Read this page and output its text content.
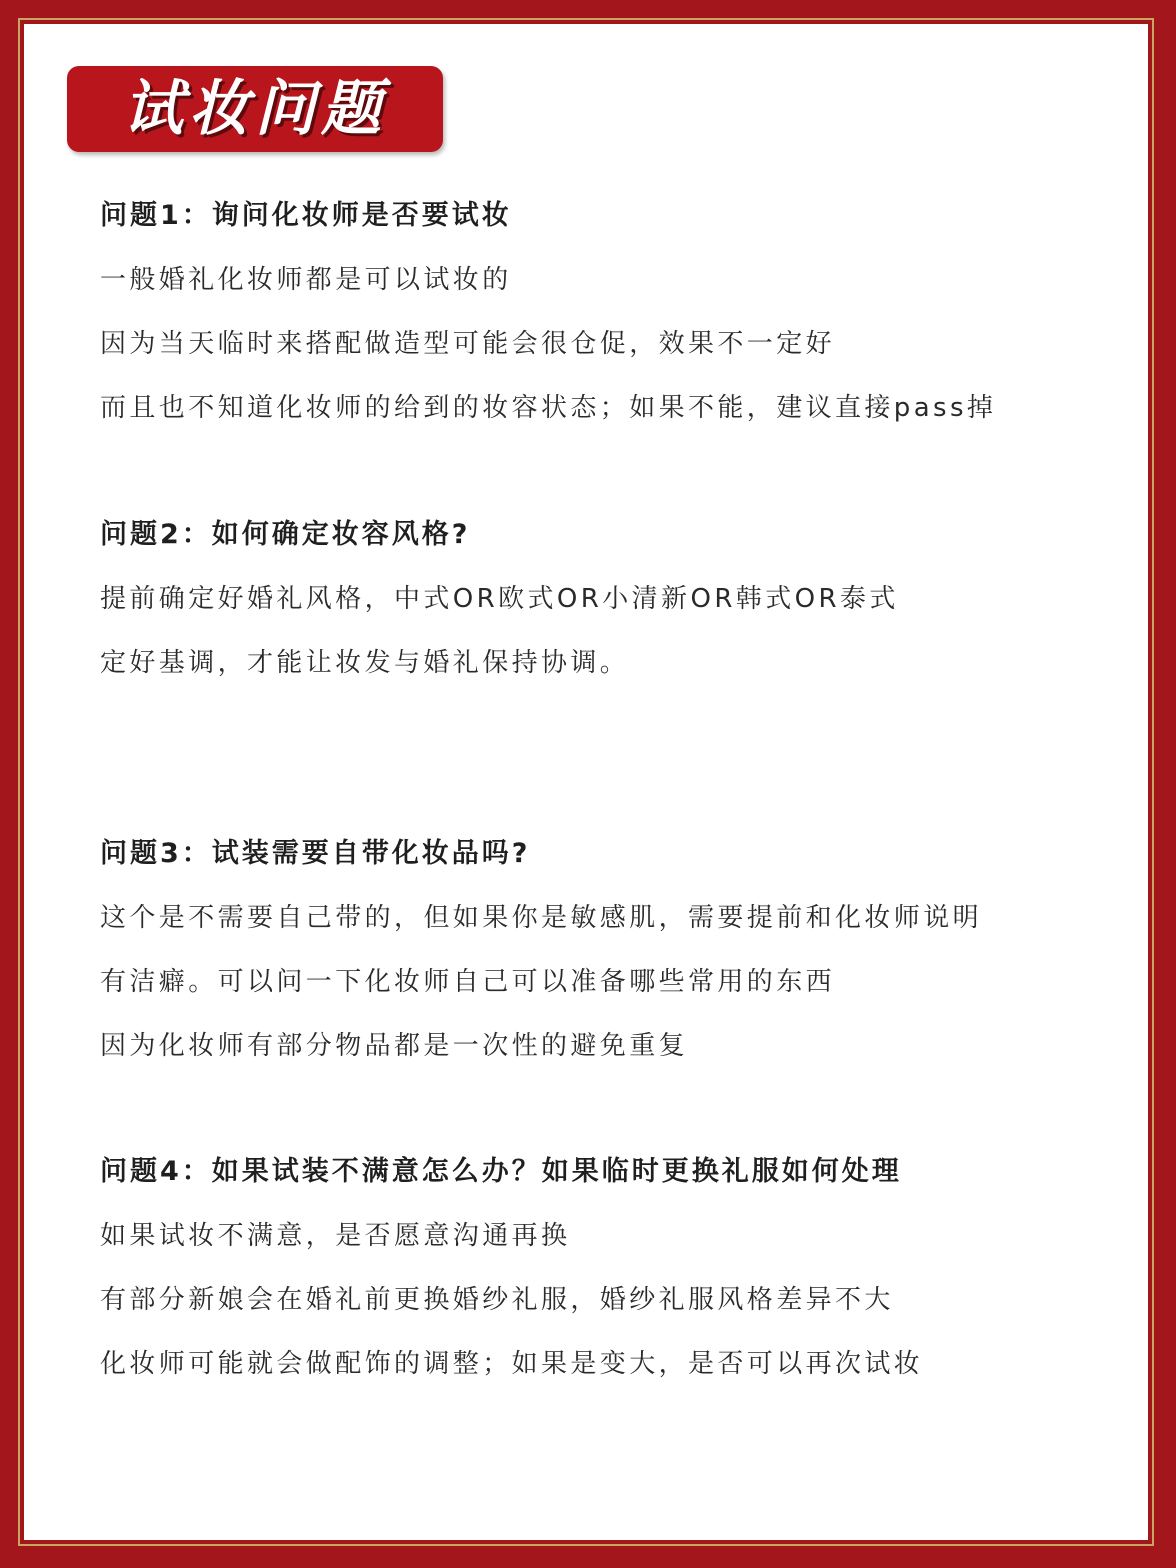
试妆问题
问题1：询问化妆师是否要试妆
一般婚礼化妆师都是可以试妆的
因为当天临时来搭配做造型可能会很仓促，效果不一定好
而且也不知道化妆师的给到的妆容状态；如果不能，建议直接pass掉
问题2：如何确定妆容风格?
提前确定好婚礼风格，中式OR欧式OR小清新OR韩式OR泰式
定好基调，才能让妆发与婚礼保持协调。
问题3：试装需要自带化妆品吗?
这个是不需要自己带的，但如果你是敏感肌，需要提前和化妆师说明
有洁癖。可以问一下化妆师自己可以准备哪些常用的东西
因为化妆师有部分物品都是一次性的避免重复
问题4：如果试装不满意怎么办？如果临时更换礼服如何处理
如果试妆不满意，是否愿意沟通再换
有部分新娘会在婚礼前更换婚纱礼服，婚纱礼服风格差异不大
化妆师可能就会做配饰的调整；如果是变大，是否可以再次试妆
